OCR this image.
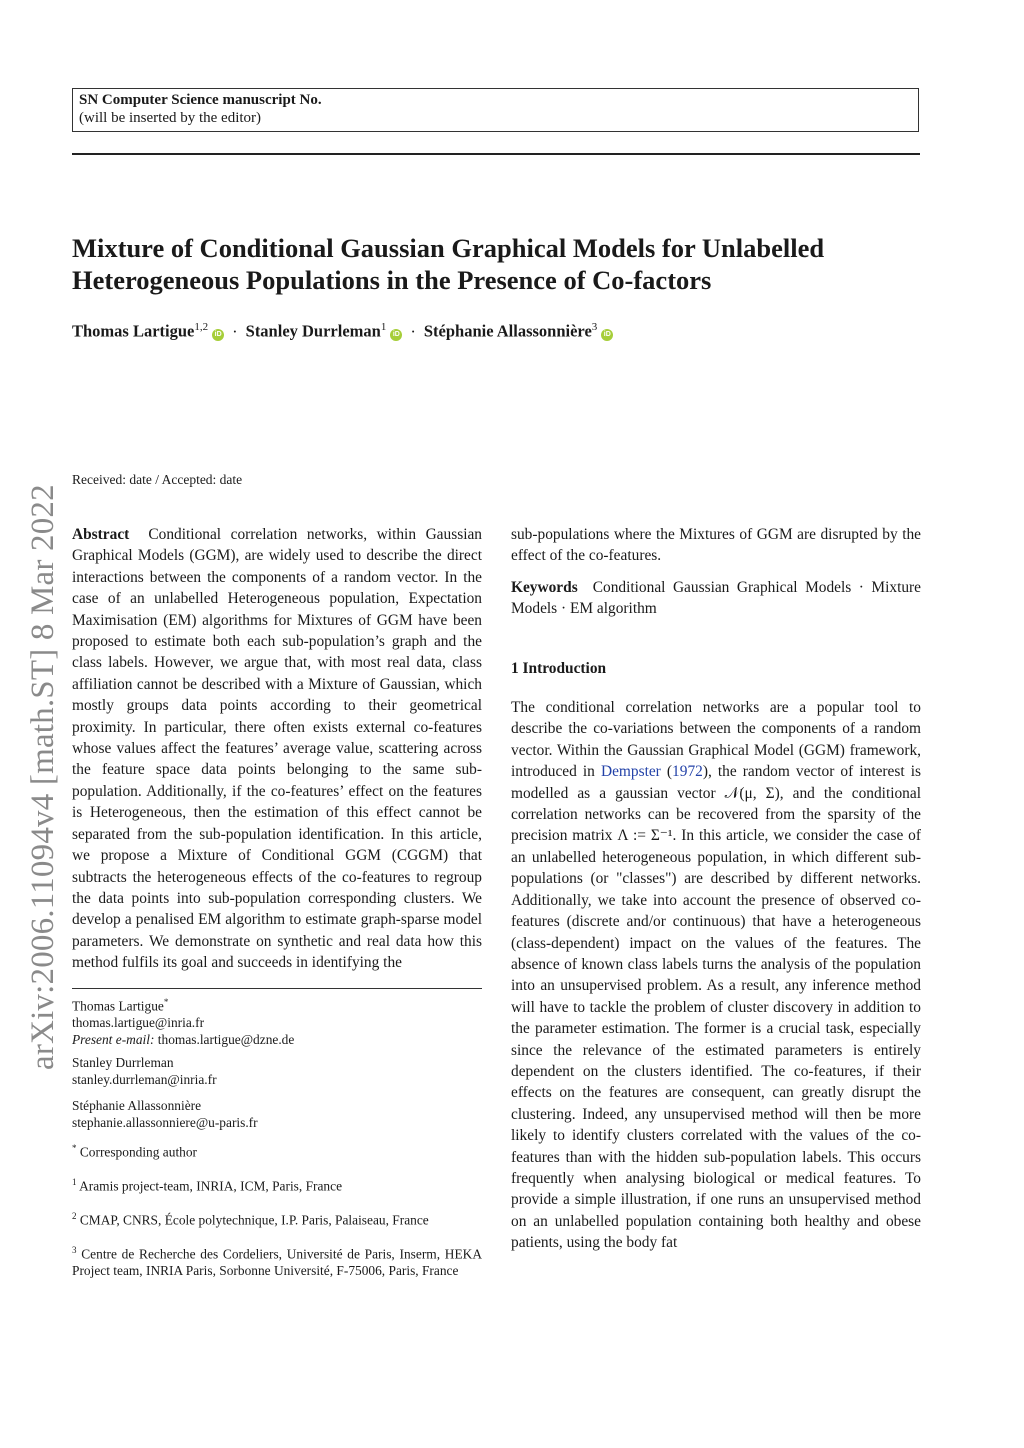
arXiv:2006.11094v4 [math.ST] 8 Mar 2022
SN Computer Science manuscript No.
(will be inserted by the editor)
Mixture of Conditional Gaussian Graphical Models for Unlabelled Heterogeneous Populations in the Presence of Co-factors
Thomas Lartigue$^{1,2}$iD · Stanley Durrleman$^1$iD · Stéphanie Allassonnière$^3$iD
Received: date / Accepted: date

Abstract Conditional correlation networks, within Gaussian Graphical Models (GGM), are widely used to describe the direct interactions between the components of a random vector. In the case of an unlabelled Heterogeneous population, Expectation Maximisation (EM) algorithms for Mixtures of GGM have been proposed to estimate both each sub-population’s graph and the class labels. However, we argue that, with most real data, class affiliation cannot be described with a Mixture of Gaussian, which mostly groups data points according to their geometrical proximity. In particular, there often exists external co-features whose values affect the features’ average value, scattering across the feature space data points belonging to the same sub-population. Additionally, if the co-features’ effect on the features is Heterogeneous, then the estimation of this effect cannot be separated from the sub-population identification. In this article, we propose a Mixture of Conditional GGM (CGGM) that subtracts the heterogeneous effects of the co-features to regroup the data points into sub-population corresponding clusters. We develop a penalised EM algorithm to estimate graph-sparse model parameters. We demonstrate on synthetic and real data how this method fulfils its goal and succeeds in identifying the

Thomas Lartigue*
thomas.lartigue@inria.fr
Present e-mail: thomas.lartigue@dzne.de
Stanley Durrleman
stanley.durrleman@inria.fr
Stéphanie Allassonnière
stephanie.allassonniere@u-paris.fr
* Corresponding author
$^1$ Aramis project-team, INRIA, ICM, Paris, France
$^2$ CMAP, CNRS, École polytechnique, I.P. Paris, Palaiseau, France
$^3$ Centre de Recherche des Cordeliers, Université de Paris, Inserm, HEKA Project team, INRIA Paris, Sorbonne Université, F-75006, Paris, France

sub-populations where the Mixtures of GGM are disrupted by the effect of the co-features.

Keywords Conditional Gaussian Graphical Models · Mixture Models · EM algorithm

1 Introduction

The conditional correlation networks are a popular tool to describe the co-variations between the components of a random vector. Within the Gaussian Graphical Model (GGM) framework, introduced in Dempster (1972), the random vector of interest is modelled as a gaussian vector 𝒩(μ, Σ), and the conditional correlation networks can be recovered from the sparsity of the precision matrix Λ := Σ⁻¹. In this article, we consider the case of an unlabelled heterogeneous population, in which different sub-populations (or "classes") are described by different networks. Additionally, we take into account the presence of observed co-features (discrete and/or continuous) that have a heterogeneous (class-dependent) impact on the values of the features. The absence of known class labels turns the analysis of the population into an unsupervised problem. As a result, any inference method will have to tackle the problem of cluster discovery in addition to the parameter estimation. The former is a crucial task, especially since the relevance of the estimated parameters is entirely dependent on the clusters identified. The co-features, if their effects on the features are consequent, can greatly disrupt the clustering. Indeed, any unsupervised method will then be more likely to identify clusters correlated with the values of the co-features than with the hidden sub-population labels. This occurs frequently when analysing biological or medical features. To provide a simple illustration, if one runs an unsupervised method on an unlabelled population containing both healthy and obese patients, using the body fat
